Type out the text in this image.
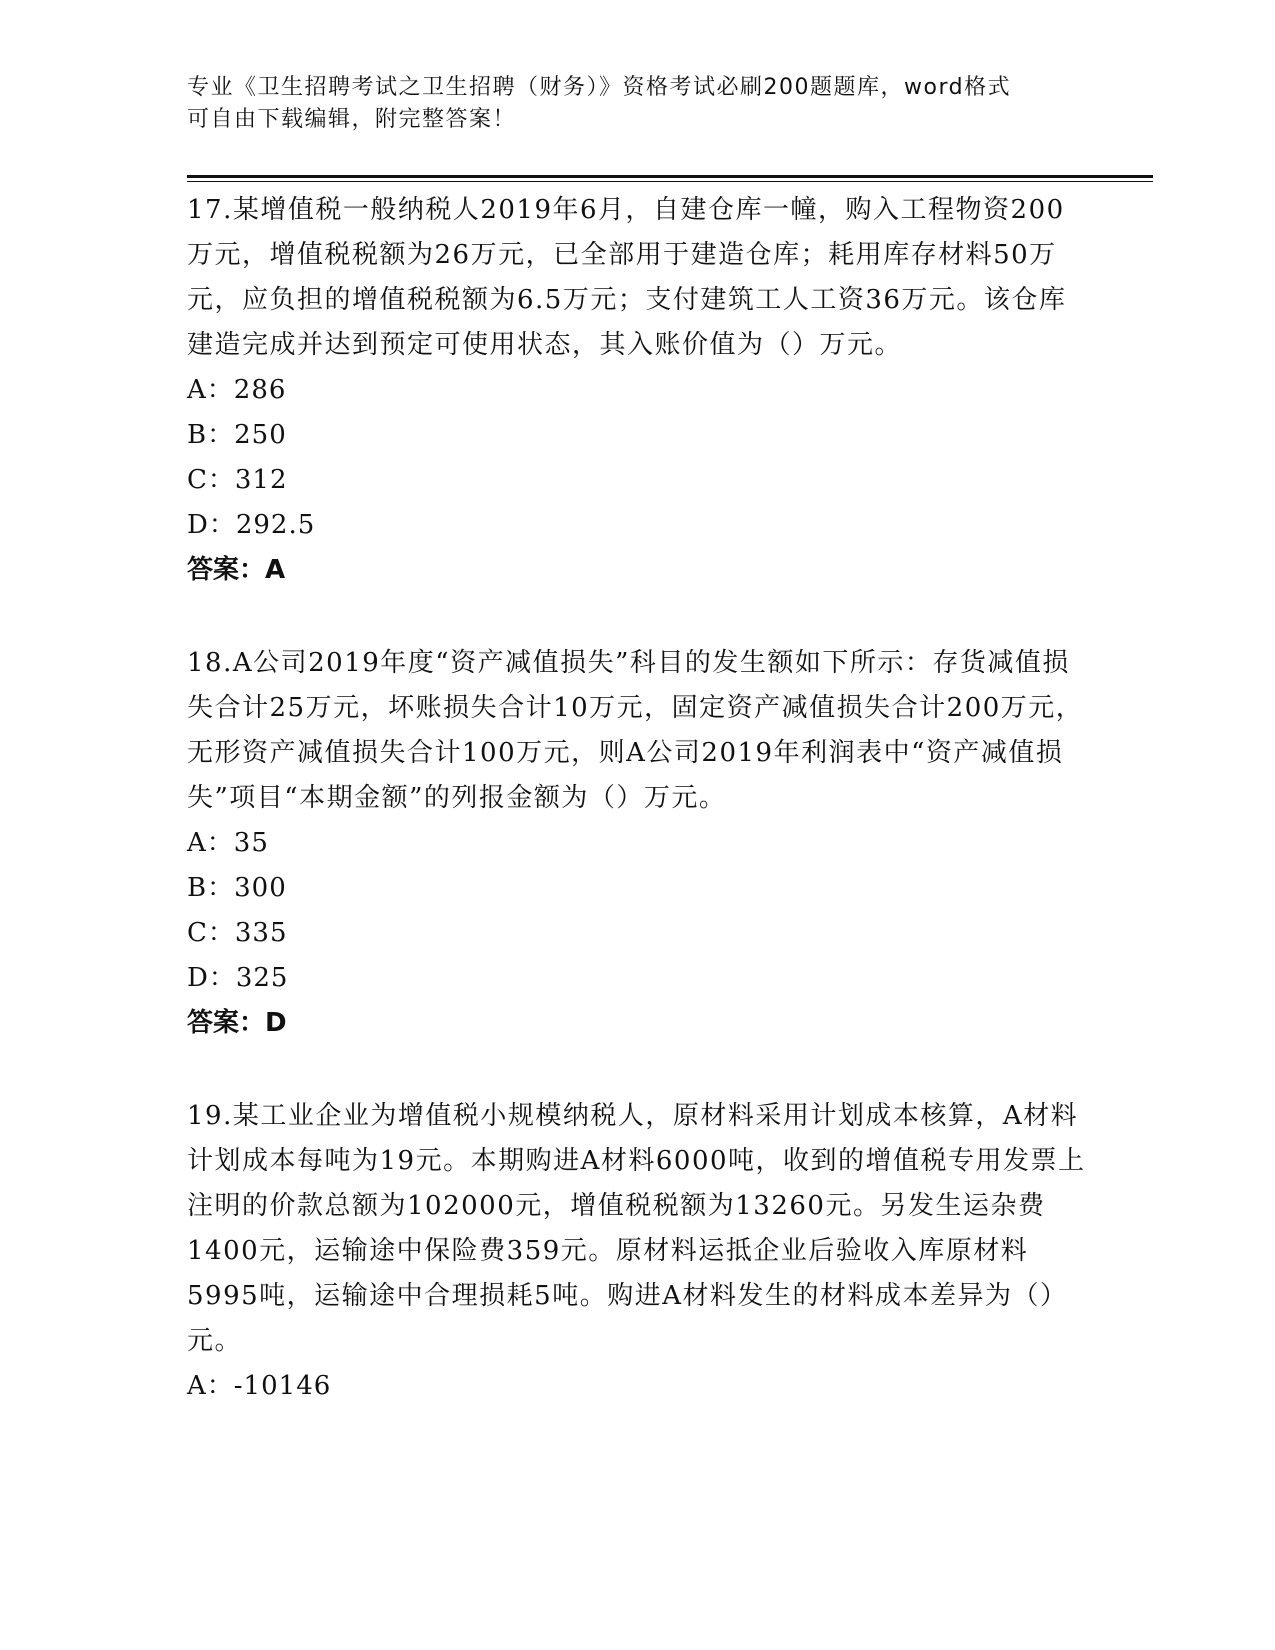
专业《卫生招聘考试之卫生招聘（财务）》资格考试必刷200题题库，word格式
可自由下载编辑，附完整答案！

17.某增值税一般纳税人2019年6月，自建仓库一幢，购入工程物资200万元，增值税税额为26万元，已全部用于建造仓库；耗用库存材料50万元，应负担的增值税税额为6.5万元；支付建筑工人工资36万元。该仓库建造完成并达到预定可使用状态，其入账价值为（）万元。

A：286

B：250

C：312

D：292.5

答案：A

18.A公司2019年度“资产减值损失”科目的发生额如下所示：存货减值损失合计25万元，坏账损失合计10万元，固定资产减值损失合计200万元，无形资产减值损失合计100万元，则A公司2019年利润表中“资产减值损失”项目“本期金额”的列报金额为（）万元。

A：35

B：300

C：335

D：325

答案：D

19.某工业企业为增值税小规模纳税人，原材料采用计划成本核算，A材料计划成本每吨为19元。本期购进A材料6000吨，收到的增值税专用发票上注明的价款总额为102000元，增值税税额为13260元。另发生运杂费1400元，运输途中保险费359元。原材料运抵企业后验收入库原材料5995吨，运输途中合理损耗5吨。购进A材料发生的材料成本差异为（）元。

A：-10146
